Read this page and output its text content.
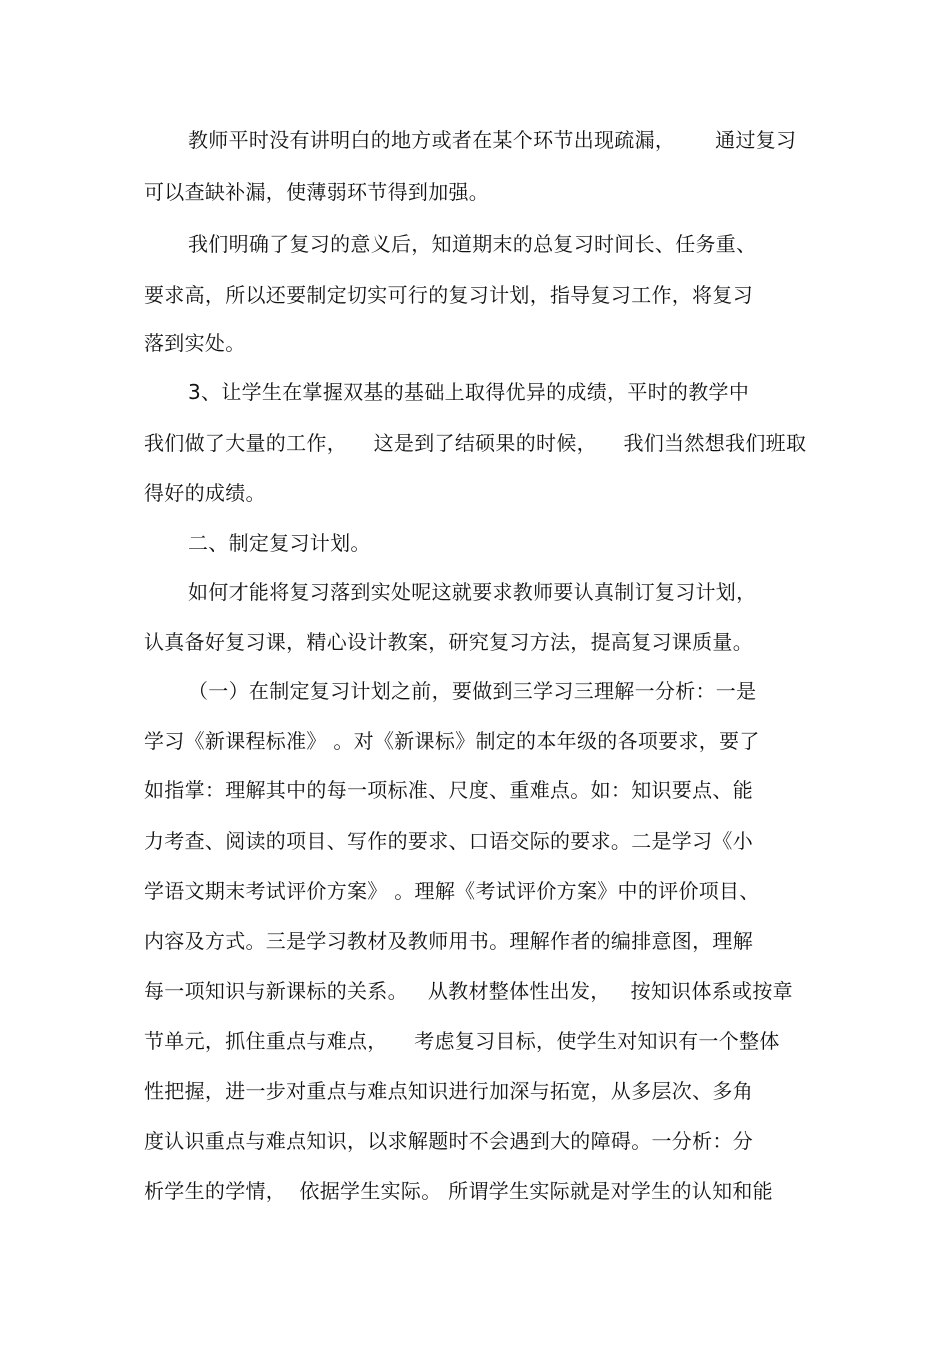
教师平时没有讲明白的地方或者在某个环节出现疏漏，      通过复习
可以查缺补漏，使薄弱环节得到加强。
我们明确了复习的意义后，知道期末的总复习时间长、任务重、
要求高，所以还要制定切实可行的复习计划，指导复习工作，将复习
落到实处。
3、让学生在掌握双基的基础上取得优异的成绩，平时的教学中
我们做了大量的工作，    这是到了结硕果的时候，    我们当然想我们班取
得好的成绩。
二、制定复习计划。
如何才能将复习落到实处呢这就要求教师要认真制订复习计划，
认真备好复习课，精心设计教案，研究复习方法，提高复习课质量。
（一）在制定复习计划之前，要做到三学习三理解一分析：一是
学习《新课程标准》 。对《新课标》制定的本年级的各项要求，要了
如指掌：理解其中的每一项标准、尺度、重难点。如：知识要点、能
力考查、阅读的项目、写作的要求、口语交际的要求。二是学习《小
学语文期末考试评价方案》 。理解《考试评价方案》中的评价项目、
内容及方式。三是学习教材及教师用书。理解作者的编排意图，理解
每一项知识与新课标的关系。   从教材整体性出发，   按知识体系或按章
节单元，抓住重点与难点，    考虑复习目标，使学生对知识有一个整体
性把握，进一步对重点与难点知识进行加深与拓宽，从多层次、多角
度认识重点与难点知识，以求解题时不会遇到大的障碍。一分析：分
析学生的学情，  依据学生实际。 所谓学生实际就是对学生的认知和能
